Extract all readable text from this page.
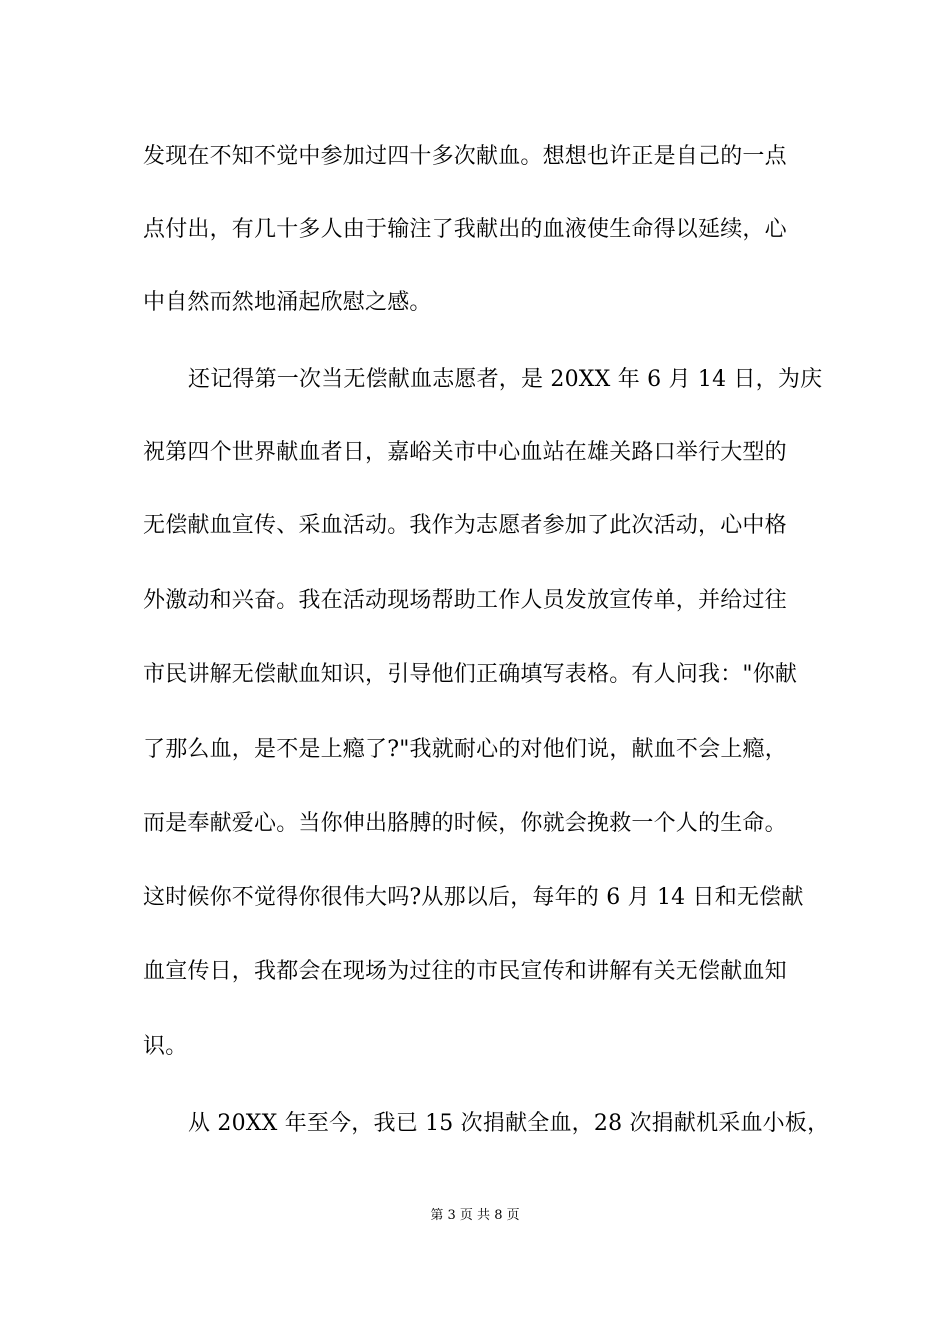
发现在不知不觉中参加过四十多次献血。想想也许正是自己的一点
点付出，有几十多人由于输注了我献出的血液使生命得以延续，心
中自然而然地涌起欣慰之感。
还记得第一次当无偿献血志愿者，是 20XX 年 6 月 14 日，为庆
祝第四个世界献血者日，嘉峪关市中心血站在雄关路口举行大型的
无偿献血宣传、采血活动。我作为志愿者参加了此次活动，心中格
外激动和兴奋。我在活动现场帮助工作人员发放宣传单，并给过往
市民讲解无偿献血知识，引导他们正确填写表格。有人问我："你献
了那么血，是不是上瘾了?"我就耐心的对他们说，献血不会上瘾，
而是奉献爱心。当你伸出胳膊的时候，你就会挽救一个人的生命。
这时候你不觉得你很伟大吗?从那以后，每年的 6 月 14 日和无偿献
血宣传日，我都会在现场为过往的市民宣传和讲解有关无偿献血知
识。
从 20XX 年至今，我已 15 次捐献全血，28 次捐献机采血小板，
第 3 页 共 8 页
